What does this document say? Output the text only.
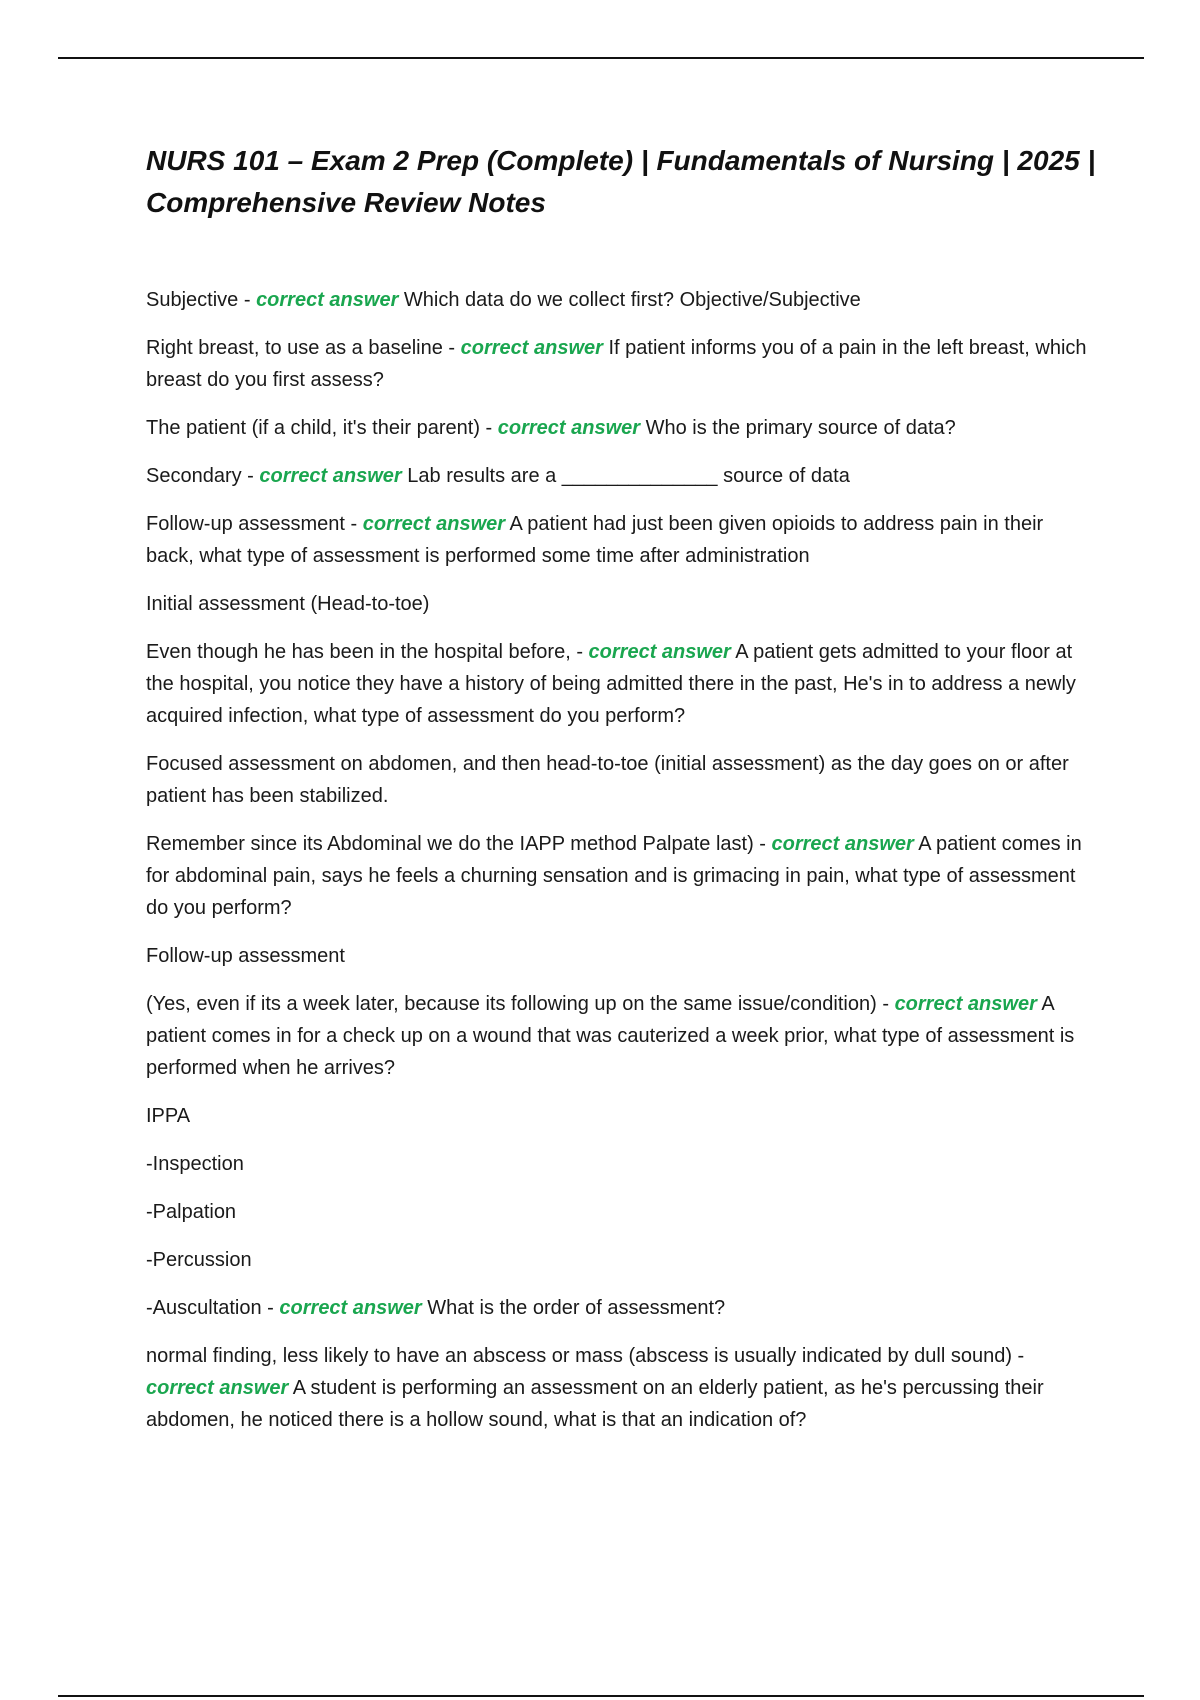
NURS 101 – Exam 2 Prep (Complete) | Fundamentals of Nursing | 2025 | Comprehensive Review Notes

Subjective - correct answer Which data do we collect first? Objective/Subjective

Right breast, to use as a baseline - correct answer If patient informs you of a pain in the left breast, which breast do you first assess?

The patient (if a child, it's their parent) - correct answer Who is the primary source of data?

Secondary - correct answer Lab results are a ______________ source of data

Follow-up assessment - correct answer A patient had just been given opioids to address pain in their back, what type of assessment is performed some time after administration

Initial assessment (Head-to-toe)

Even though he has been in the hospital before, - correct answer A patient gets admitted to your floor at the hospital, you notice they have a history of being admitted there in the past, He's in to address a newly acquired infection, what type of assessment do you perform?

Focused assessment on abdomen, and then head-to-toe (initial assessment) as the day goes on or after patient has been stabilized.

Remember since its Abdominal we do the IAPP method Palpate last) - correct answer A patient comes in for abdominal pain, says he feels a churning sensation and is grimacing in pain, what type of assessment do you perform?

Follow-up assessment

(Yes, even if its a week later, because its following up on the same issue/condition) - correct answer A patient comes in for a check up on a wound that was cauterized a week prior, what type of assessment is performed when he arrives?

IPPA

-Inspection

-Palpation

-Percussion

-Auscultation - correct answer What is the order of assessment?

normal finding, less likely to have an abscess or mass (abscess is usually indicated by dull sound) - correct answer A student is performing an assessment on an elderly patient, as he's percussing their abdomen, he noticed there is a hollow sound, what is that an indication of?
